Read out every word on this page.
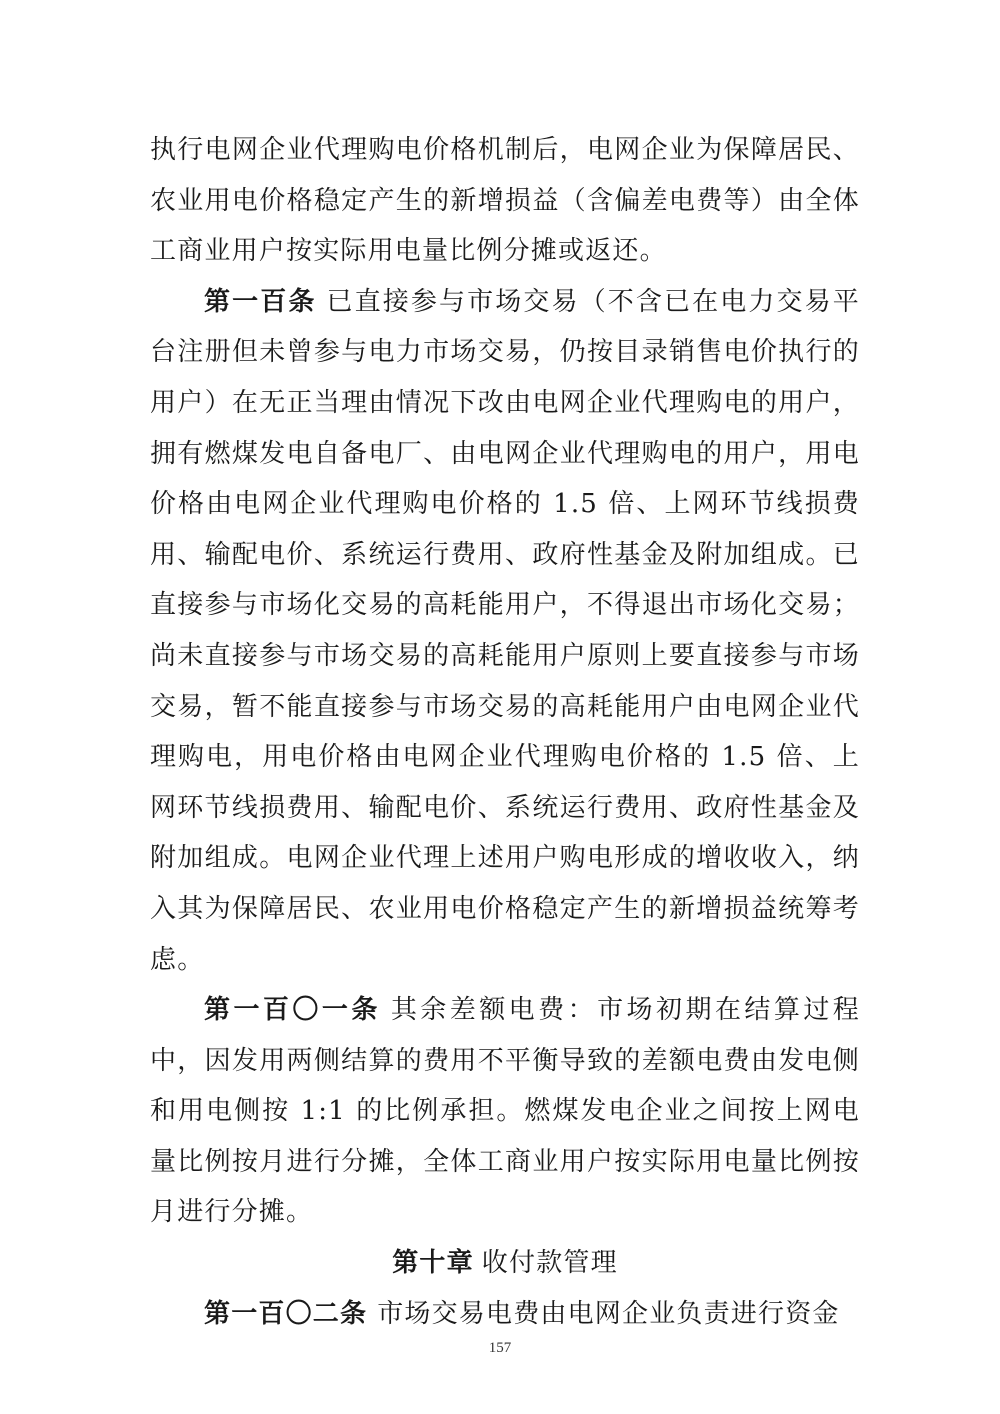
执行电网企业代理购电价格机制后，电网企业为保障居民、农业用电价格稳定产生的新增损益（含偏差电费等）由全体工商业用户按实际用电量比例分摊或返还。

第一百条 已直接参与市场交易（不含已在电力交易平台注册但未曾参与电力市场交易，仍按目录销售电价执行的用户）在无正当理由情况下改由电网企业代理购电的用户，拥有燃煤发电自备电厂、由电网企业代理购电的用户，用电价格由电网企业代理购电价格的 1.5 倍、上网环节线损费用、输配电价、系统运行费用、政府性基金及附加组成。已直接参与市场化交易的高耗能用户，不得退出市场化交易；尚未直接参与市场交易的高耗能用户原则上要直接参与市场交易，暂不能直接参与市场交易的高耗能用户由电网企业代理购电，用电价格由电网企业代理购电价格的 1.5 倍、上网环节线损费用、输配电价、系统运行费用、政府性基金及附加组成。电网企业代理上述用户购电形成的增收收入，纳入其为保障居民、农业用电价格稳定产生的新增损益统筹考虑。

第一百〇一条 其余差额电费：市场初期在结算过程中，因发用两侧结算的费用不平衡导致的差额电费由发电侧和用电侧按 1:1 的比例承担。燃煤发电企业之间按上网电量比例按月进行分摊，全体工商业用户按实际用电量比例按月进行分摊。

第十章 收付款管理

第一百〇二条 市场交易电费由电网企业负责进行资金

157
